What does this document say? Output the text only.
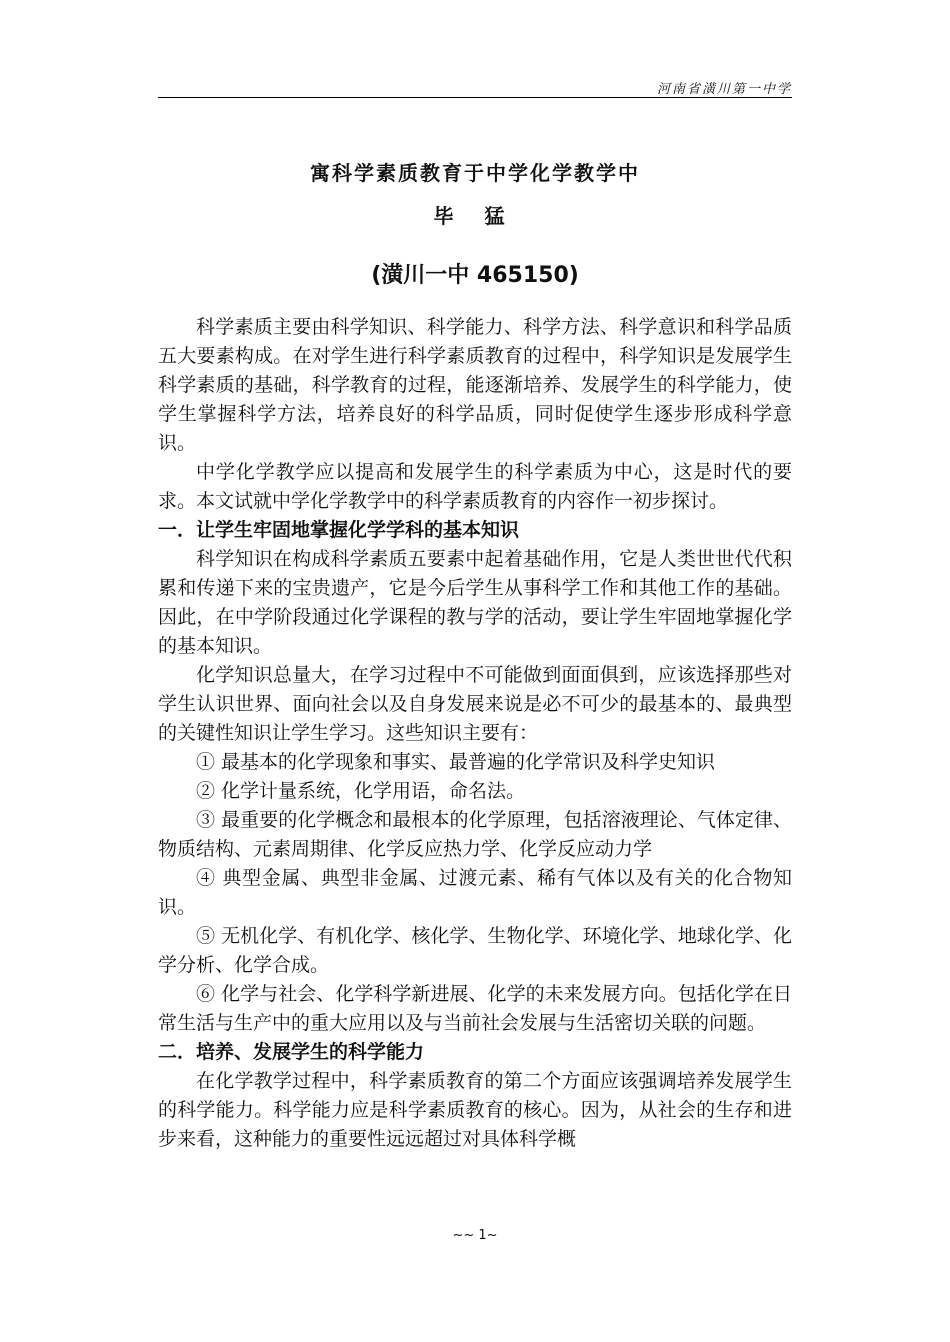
河南省潢川第一中学
寓科学素质教育于中学化学教学中
毕 猛
(潢川一中 465150)

科学素质主要由科学知识、科学能力、科学方法、科学意识和科学品质五大要素构成。在对学生进行科学素质教育的过程中，科学知识是发展学生科学素质的基础，科学教育的过程，能逐渐培养、发展学生的科学能力，使学生掌握科学方法，培养良好的科学品质，同时促使学生逐步形成科学意识。

中学化学教学应以提高和发展学生的科学素质为中心，这是时代的要求。本文试就中学化学教学中的科学素质教育的内容作一初步探讨。

一．让学生牢固地掌握化学学科的基本知识

科学知识在构成科学素质五要素中起着基础作用，它是人类世世代代积累和传递下来的宝贵遗产，它是今后学生从事科学工作和其他工作的基础。因此，在中学阶段通过化学课程的教与学的活动，要让学生牢固地掌握化学的基本知识。

化学知识总量大，在学习过程中不可能做到面面俱到，应该选择那些对学生认识世界、面向社会以及自身发展来说是必不可少的最基本的、最典型的关键性知识让学生学习。这些知识主要有：

① 最基本的化学现象和事实、最普遍的化学常识及科学史知识

② 化学计量系统，化学用语，命名法。

③ 最重要的化学概念和最根本的化学原理，包括溶液理论、气体定律、物质结构、元素周期律、化学反应热力学、化学反应动力学

④ 典型金属、典型非金属、过渡元素、稀有气体以及有关的化合物知识。

⑤ 无机化学、有机化学、核化学、生物化学、环境化学、地球化学、化学分析、化学合成。

⑥ 化学与社会、化学科学新进展、化学的未来发展方向。包括化学在日常生活与生产中的重大应用以及与当前社会发展与生活密切关联的问题。

二．培养、发展学生的科学能力

在化学教学过程中，科学素质教育的第二个方面应该强调培养发展学生的科学能力。科学能力应是科学素质教育的核心。因为，从社会的生存和进步来看，这种能力的重要性远远超过对具体科学概

~~ 1~
